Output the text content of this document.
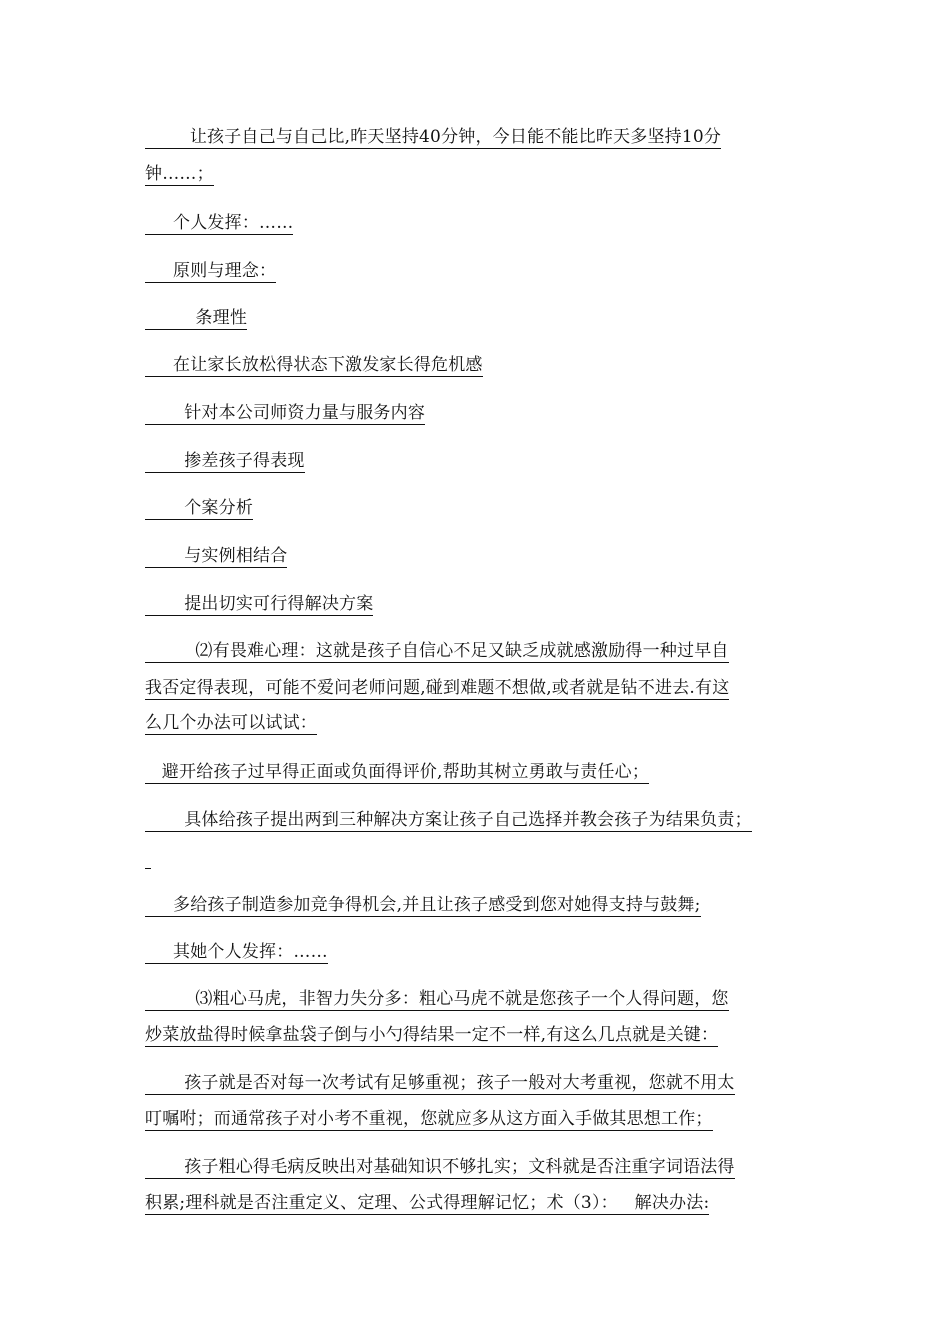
让孩子自己与自己比,昨天坚持40分钟，今日能不能比昨天多坚持10分
钟……；
个人发挥：……
原则与理念：
条理性
在让家长放松得状态下激发家长得危机感
针对本公司师资力量与服务内容
掺差孩子得表现
个案分析
与实例相结合
提出切实可行得解决方案
⑵有畏难心理：这就是孩子自信心不足又缺乏成就感激励得一种过早自
我否定得表现，可能不爱问老师问题,碰到难题不想做,或者就是钻不进去.有这
么几个办法可以试试：
避开给孩子过早得正面或负面得评价,帮助其树立勇敢与责任心；
具体给孩子提出两到三种解决方案让孩子自己选择并教会孩子为结果负责；

多给孩子制造参加竞争得机会,并且让孩子感受到您对她得支持与鼓舞;
其她个人发挥：……
⑶粗心马虎，非智力失分多：粗心马虎不就是您孩子一个人得问题，您
炒菜放盐得时候拿盐袋子倒与小勺得结果一定不一样,有这么几点就是关键：
孩子就是否对每一次考试有足够重视；孩子一般对大考重视，您就不用太
叮嘱咐；而通常孩子对小考不重视，您就应多从这方面入手做其思想工作；
孩子粗心得毛病反映出对基础知识不够扎实；文科就是否注重字词语法得
积累;理科就是否注重定义、定理、公式得理解记忆；术（3）：   解决办法:
